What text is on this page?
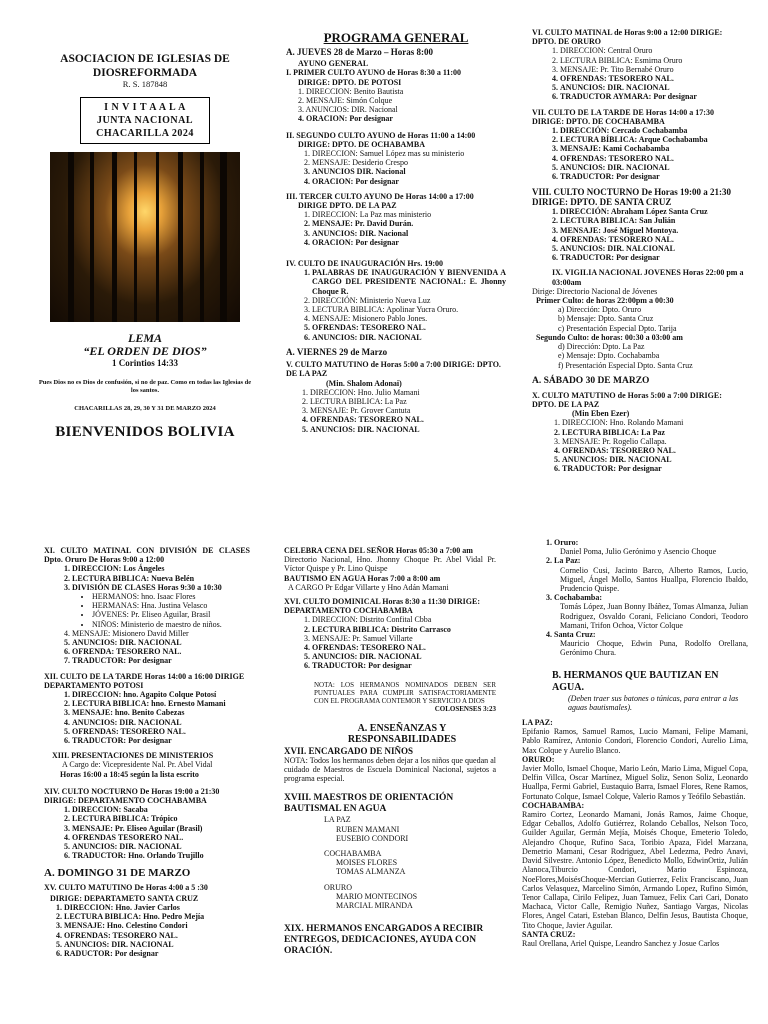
ASOCIACION DE IGLESIAS DE
DIOSREFORMADA
R. S. 187848
I N V I T A A L A
JUNTA NACIONAL
CHACARILLA 2024
LEMA
“EL ORDEN DE DIOS”
1 Corintios 14:33
Pues Dios no es Dios de confusión, si no de paz. Como en todas las Iglesias de los santos.
CHACARILLAS 28, 29, 30 Y 31 DE MARZO 2024
BIENVENIDOS BOLIVIA
PROGRAMA GENERAL
A. JUEVES 28 de Marzo – Horas 8:00
AYUNO GENERAL
I. PRIMER CULTO AYUNO de Horas 8:30 a 11:00
DIRIGE: DPTO. DE POTOSI
1. DIRECCION: Benito Bautista
2. MENSAJE: Simón Colque
3. ANUNCIOS: DIR. Nacional
4. ORACION: Por designar
II. SEGUNDO CULTO AYUNO de Horas 11:00 a 14:00
DIRIGE: DPTO. DE OCHABAMBA
1. DIRECCION: Samuel López mas su ministerio
2. MENSAJE: Desiderio Crespo
3. ANUNCIOS DIR. Nacional
4. ORACION: Por designar
III. TERCER CULTO AYUNO De Horas 14:00 a 17:00
DIRIGE DPTO. DE LA PAZ
1. DIRECCION: La Paz mas ministerio
2. MENSAJE: Pr. David Durán.
3. ANUNCIOS: DIR. Nacional
4. ORACION: Por designar
IV. CULTO DE INAUGURACIÓN Hrs. 19:00
1. PALABRAS DE INAUGURACIÓN Y BIENVENIDA A CARGO DEL PRESIDENTE NACIONAL: E. Jhonny Choque R.
2. DIRECCIÓN: Ministerio Nueva Luz
3. LECTURA BIBLICA: Apolinar Yucra Oruro.
4. MENSAJE: Misionero Pablo Jones.
5. OFRENDAS: TESORERO NAL.
6. ANUNCIOS: DIR. NACIONAL
A. VIERNES 29 de Marzo
V. CULTO MATUTINO de Horas 5:00 a 7:00 DIRIGE: DPTO. DE LA PAZ
(Min. Shalom Adonai)
1. DIRECCION: Hno. Julio Mamani
2. LECTURA BIBLICA: La Paz
3. MENSAJE: Pr. Grover Cantuta
4. OFRENDAS: TESORERO NAL.
5. ANUNCIOS: DIR. NACIONAL
VI. CULTO MATINAL de Horas 9:00 a 12:00 DIRIGE: DPTO. DE ORURO
1. DIRECCION: Central Oruro
2. LECTURA BIBLICA: Esmirna Oruro
3. MENSAJE: Pr. Tito Bernabé Oruro
4. OFRENDAS: TESORERO NAL.
5. ANUNCIOS: DIR. NACIONAL
6. TRADUCTOR AYMARA: Por designar
VII. CULTO DE LA TARDE DE Horas 14:00 a 17:30 DIRIGE: DPTO. DE COCHABAMBA
1. DIRECCIÓN: Cercado Cochabamba
2. LECTURA BÍBLICA: Arque Cochabamba
3. MENSAJE: Kami Cochabamba
4. OFRENDAS: TESORERO NAL.
5. ANUNCIOS: DIR. NACIONAL
6. TRADUCTOR: Por designar
VIII. CULTO NOCTURNO De Horas 19:00 a 21:30 DIRIGE: DPTO. DE SANTA CRUZ
1. DIRECCIÓN: Abraham López Santa Cruz
2. LECTURA BIBLICA: San Julián
3. MENSAJE: José Miguel Montoya.
4. OFRENDAS: TESORERO NAL.
5. ANUNCIOS: DIR. NALCIONAL
6. TRADUCTOR: Por designar
IX. VIGILIA NACIONAL JOVENES Horas 22:00 pm a 03:00am
Dirige: Directorio Nacional de Jóvenes
Primer Culto: de horas 22:00pm a 00:30
a) Dirección: Dpto. Oruro
b) Mensaje: Dpto. Santa Cruz
c) Presentación Especial Dpto. Tarija
Segundo Culto: de horas: 00:30 a 03:00 am
d) Dirección: Dpto. La Paz
e) Mensaje: Dpto. Cochabamba
f) Presentación Especial Dpto. Santa Cruz
A. SÁBADO 30 DE MARZO
X. CULTO MATUTINO de Horas 5:00 a 7:00 DIRIGE: DPTO. DE LA PAZ
(Min Eben Ezer)
1. DIRECCION: Hno. Rolando Mamani
2. LECTURA BIBLICA: La Paz
3. MENSAJE: Pr. Rogelio Callapa.
4. OFRENDAS: TESORERO NAL.
5. ANUNCIOS: DIR. NACIONAL
6. TRADUCTOR: Por designar
XI. CULTO MATINAL CON DIVISIÓN DE CLASES Dpto. Oruro De Horas 9:00 a 12:00
1. DIRECCION: Los Ángeles
2. LECTURA BIBLICA: Nueva Belén
3. DIVISIÓN DE CLASES Horas 9:30 a 10:30
• HERMANOS: hno. Isaac Flores
• HERMANAS: Hna. Justina Velasco
• JÓVENES: Pr. Eliseo Aguilar, Brasil
• NIÑOS: Ministerio de maestro de niños.
4. MENSAJE: Misionero David Miller
5. ANUNCIOS: DIR. NACIONAL
6. OFRENDA: TESORERO NAL.
7. TRADUCTOR: Por designar
XII. CULTO DE LA TARDE Horas 14:00 a 16:00 DIRIGE DEPARTAMENTO POTOSI
1. DIRECCION: hno. Agapito Colque Potosí
2. LECTURA BIBLICA: hno. Ernesto Mamani
3. MENSAJE: hno. Benito Cabezas
4. ANUNCIOS: DIR. NACIONAL
5. OFRENDAS: TESORERO NAL.
6. TRADUCTOR: Por designar
XIII. PRESENTACIONES DE MINISTERIOS
A Cargo de: Vicepresidente Nal. Pr. Abel Vidal
Horas 16:00 a 18:45 según la lista escrito
XIV. CULTO NOCTURNO De Horas 19:00 a 21:30 DIRIGE: DEPARTAMENTO COCHABAMBA
1. DIRECCION: Sacaba
2. LECTURA BIBLICA: Trópico
3. MENSAJE: Pr. Eliseo Aguilar (Brasil)
4. OFRENDAS TESORERO NAL.
5. ANUNCIOS: DIR. NACIONAL
6. TRADUCTOR: Hno. Orlando Trujillo
A. DOMINGO 31 DE MARZO
XV. CULTO MATUTINO De Horas 4:00 a 5 :30
DIRIGE: DEPARTAMETO SANTA CRUZ
1. DIRECCION: Hno. Javier Carlos
2. LECTURA BIBLICA: Hno. Pedro Mejía
3. MENSAJE: Hno. Celestino Condori
4. OFRENDAS: TESORERO NAL.
5. ANUNCIOS: DIR. NACIONAL
6. RADUCTOR: Por designar
CELEBRA CENA DEL SEÑOR Horas 05:30 a 7:00 am
Directorio Nacional, Hno. Jhonny Choque Pr. Abel Vidal Pr. Víctor Quispe y Pr. Lino Quispe
BAUTISMO EN AGUA Horas 7:00 a 8:00 am
A CARGO Pr Edgar Villarte y Hno Adán Mamani
XVI. CULTO DOMINICAL Horas 8:30 a 11:30 DIRIGE: DEPARTAMENTO COCHABAMBA
1. DIRECCION: Distrito Confital Cbba
2. LECTURA BIBLICA: Distrito Carrasco
3. MENSAJE: Pr. Samuel Villarte
4. OFRENDAS: TESORERO NAL.
5. ANUNCIOS: DIR. NACIONAL
6. TRADUCTOR: Por designar
NOTA: LOS HERMANOS NOMINADOS DEBEN SER PUNTUALES PARA CUMPLIR SATISFACTORIAMENTE CON EL PROGRAMA CONTEMOR Y SERVICIO A DIOS
COLOSENSES 3:23
A. ENSEÑANZAS Y RESPONSABILIDADES
XVII. ENCARGADO DE NIÑOS
NOTA: Todos los hermanos deben dejar a los niños que quedan al cuidado de Maestros de Escuela Dominical Nacional, sujetos a programa especial.
XVIII. MAESTROS DE ORIENTACIÓN BAUTISMAL EN AGUA
LA PAZ
RUBEN MAMANI
EUSEBIO CONDORI
COCHABAMBA
MOISES FLORES
TOMAS ALMANZA
ORURO
MARIO MONTECINOS
MARCIAL MIRANDA
XIX. HERMANOS ENCARGADOS A RECIBIR ENTREGOS, DEDICACIONES, AYUDA CON ORACIÓN.
1. Oruro:
Daniel Poma, Julio Gerónimo y Asencio Choque
2. La Paz:
Cornelio Cusi, Jacinto Barco, Alberto Ramos, Lucio, Miguel, Ángel Mollo, Santos Huallpa, Florencio Ibaldo, Prudencio Quispe.
3. Cochabamba:
Tomás López, Juan Bonny Ibáñez, Tomas Almanza, Julian Rodriguez, Osvaldo Corani, Feliciano Condori, Teodoro Mamani, Trifon Ochoa, Víctor Colque
4. Santa Cruz:
Mauricio Choque, Edwin Puna, Rodolfo Orellana, Gerónimo Chura.
B. HERMANOS QUE BAUTIZAN EN AGUA.
(Deben traer sus batones o túnicas, para entrar a las aguas bautismales).
LA PAZ:
Epifanio Ramos, Samuel Ramos, Lucio Mamani, Felipe Mamani, Pablo Ramírez, Antonio Condori, Florencio Condori, Aurelio Lima, Max Colque y Aurelio Blanco.
ORURO:
Javier Mollo, Ismael Choque, Mario León, Mario Lima, Miguel Copa, Delfin Villca, Oscar Martínez, Miguel Soliz, Senon Soliz, Leonardo Huallpa, Fermi Gabriel, Eustaquio Barra, Ismael Flores, Rene Ramos, Fortunato Colque, Ismael Colque, Valerio Ramos y Teófilo Sebastián.
COCHABAMBA:
Ramiro Cortez, Leonardo Mamani, Jonás Ramos, Jaime Choque, Edgar Ceballos, Adolfo Gutiérrez, Rolando Ceballos, Nelson Toco, Guilder Aguilar, Germán Mejía, Moisés Choque, Emeterio Toledo, Alejandro Choque, Rufino Saca, Toribio Apaza, Fidel Marzana, Demetrio Mamani, Cesar Rodriguez, Abel Ledezma, Pedro Anavi, David Silvestre. Antonio López, Benedicto Mollo, EdwinOrtiz, Julián Alanoca,Tiburcio Condori, Mario Espinoza, NoeFlores,MoisésChoque-Mercian Gutierrez, Felix Franciscano, Juan Carlos Velasquez, Marcelino Simón, Armando Lopez, Rufino Simón, Tenor Callapa, Cirilo Felipez, Juan Tamuez, Felix Cari Cari, Donato Machaca, Victor Calle, Remigio Nuñez, Santiago Vargas, Nicolas Flores, Angel Catari, Esteban Blanco, Delfin Jesus, Bautista Choque, Tito Choque, Javier Aguilar.
SANTA CRUZ:
Raul Orellana, Ariel Quispe, Leandro Sanchez y Josue Carlos
